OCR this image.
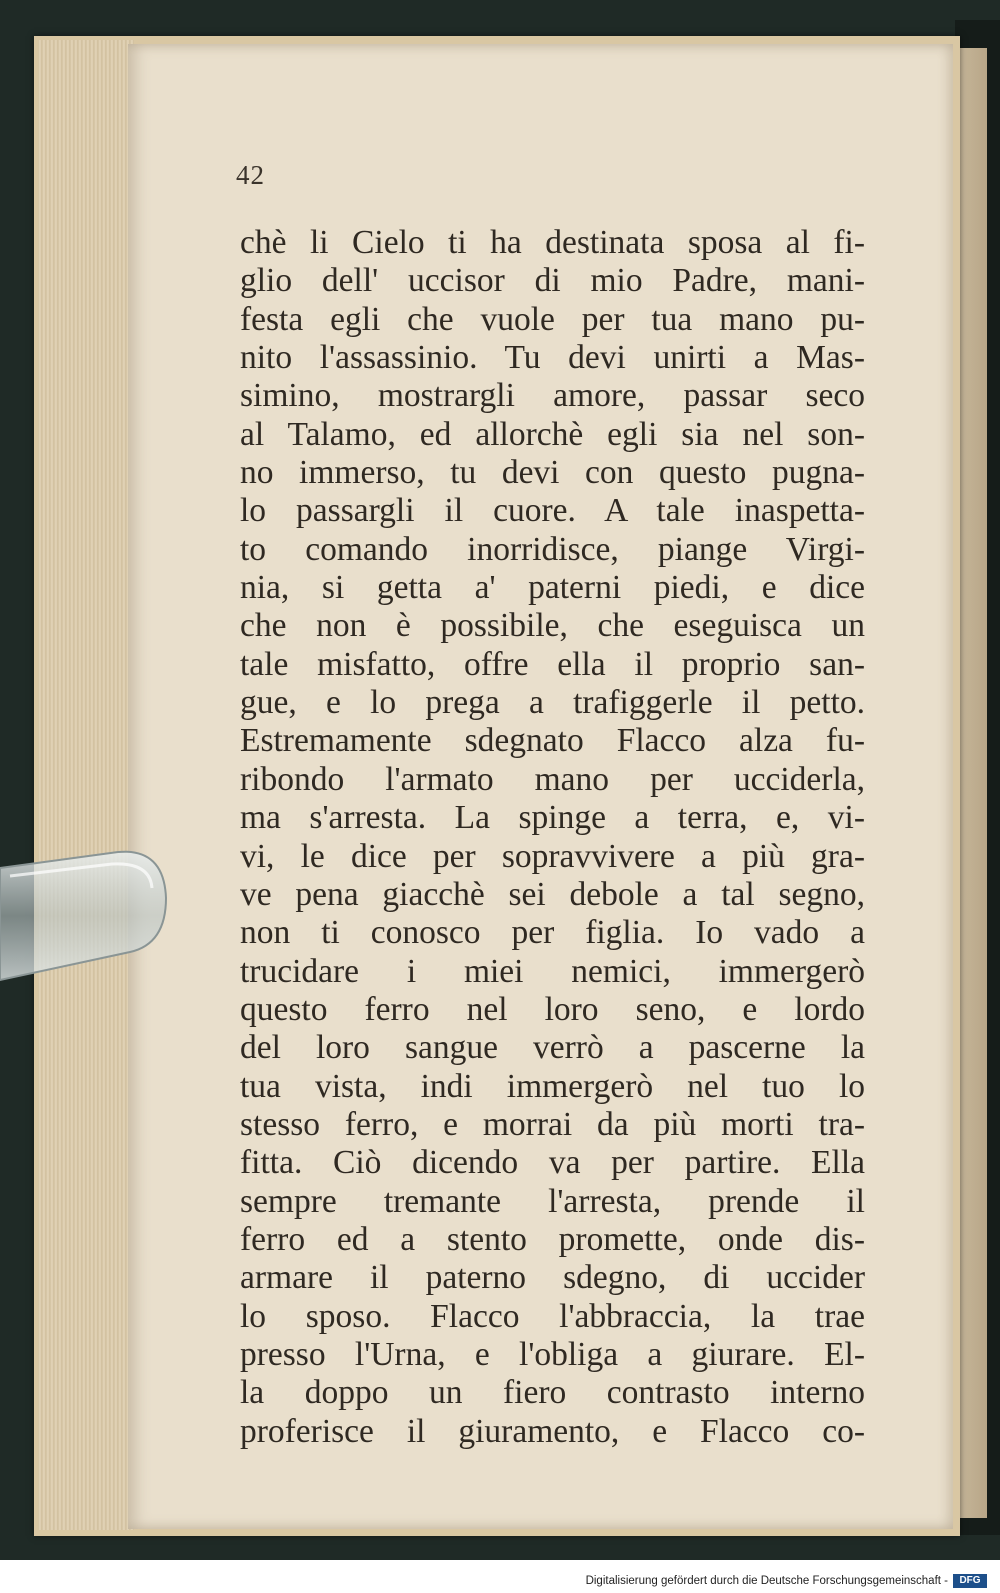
42
chè li Cielo ti ha destinata sposa al fi-
glio dell' uccisor di mio Padre, mani-
festa egli che vuole per tua mano pu-
nito l'assassinio. Tu devi unirti a Mas-
simino, mostrargli amore, passar seco
al Talamo, ed allorchè egli sia nel son-
no immerso, tu devi con questo pugna-
lo passargli il cuore. A tale inaspetta-
to comando inorridisce, piange Virgi-
nia, si getta a' paterni piedi, e dice
che non è possibile, che eseguisca un
tale misfatto, offre ella il proprio san-
gue, e lo prega a trafiggerle il petto.
Estremamente sdegnato Flacco alza fu-
ribondo l'armato mano per ucciderla,
ma s'arresta. La spinge a terra, e, vi-
vi, le dice per sopravvivere a più gra-
ve pena giacchè sei debole a tal segno,
non ti conosco per figlia. Io vado a
trucidare i miei nemici, immergerò
questo ferro nel loro seno, e lordo
del loro sangue verrò a pascerne la
tua vista, indi immergerò nel tuo lo
stesso ferro, e morrai da più morti tra-
fitta. Ciò dicendo va per partire. Ella
sempre tremante l'arresta, prende il
ferro ed a stento promette, onde dis-
armare il paterno sdegno, di uccider
lo sposo. Flacco l'abbraccia, la trae
presso l'Urna, e l'obliga a giurare. El-
la doppo un fiero contrasto interno
proferisce il giuramento, e Flacco co-
Digitalisierung gefördert durch die Deutsche Forschungsgemeinschaft -	DFG
